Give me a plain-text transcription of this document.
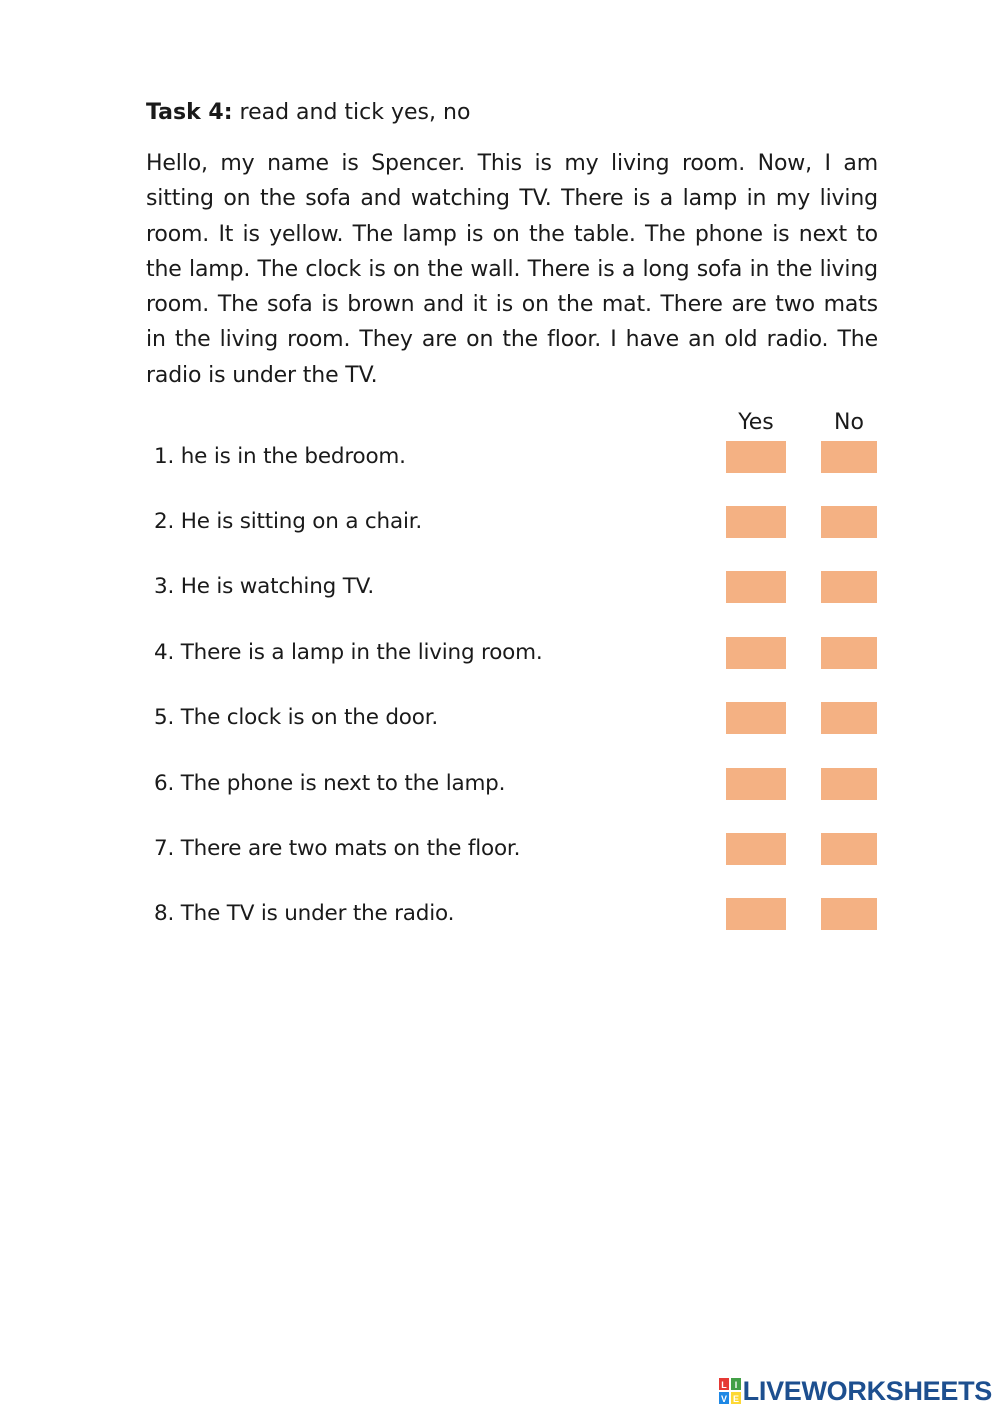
Task 4: read and tick yes, no
Hello, my name is Spencer. This is my living room. Now, I am sitting on the sofa and watching TV. There is a lamp in my living room. It is yellow. The lamp is on the table. The phone is next to the lamp. The clock is on the wall. There is a long sofa in the living room. The sofa is brown and it is on the mat. There are two mats in the living room. They are on the floor. I have an old radio. The radio is under the TV.
Yes	No
1. he is in the bedroom.
2. He is sitting on a chair.
3. He is watching TV.
4. There is a lamp in the living room.
5. The clock is on the door.
6. The phone is next to the lamp.
7. There are two mats on the floor.
8. The TV is under the radio.
L I
V E LIVEWORKSHEETS
